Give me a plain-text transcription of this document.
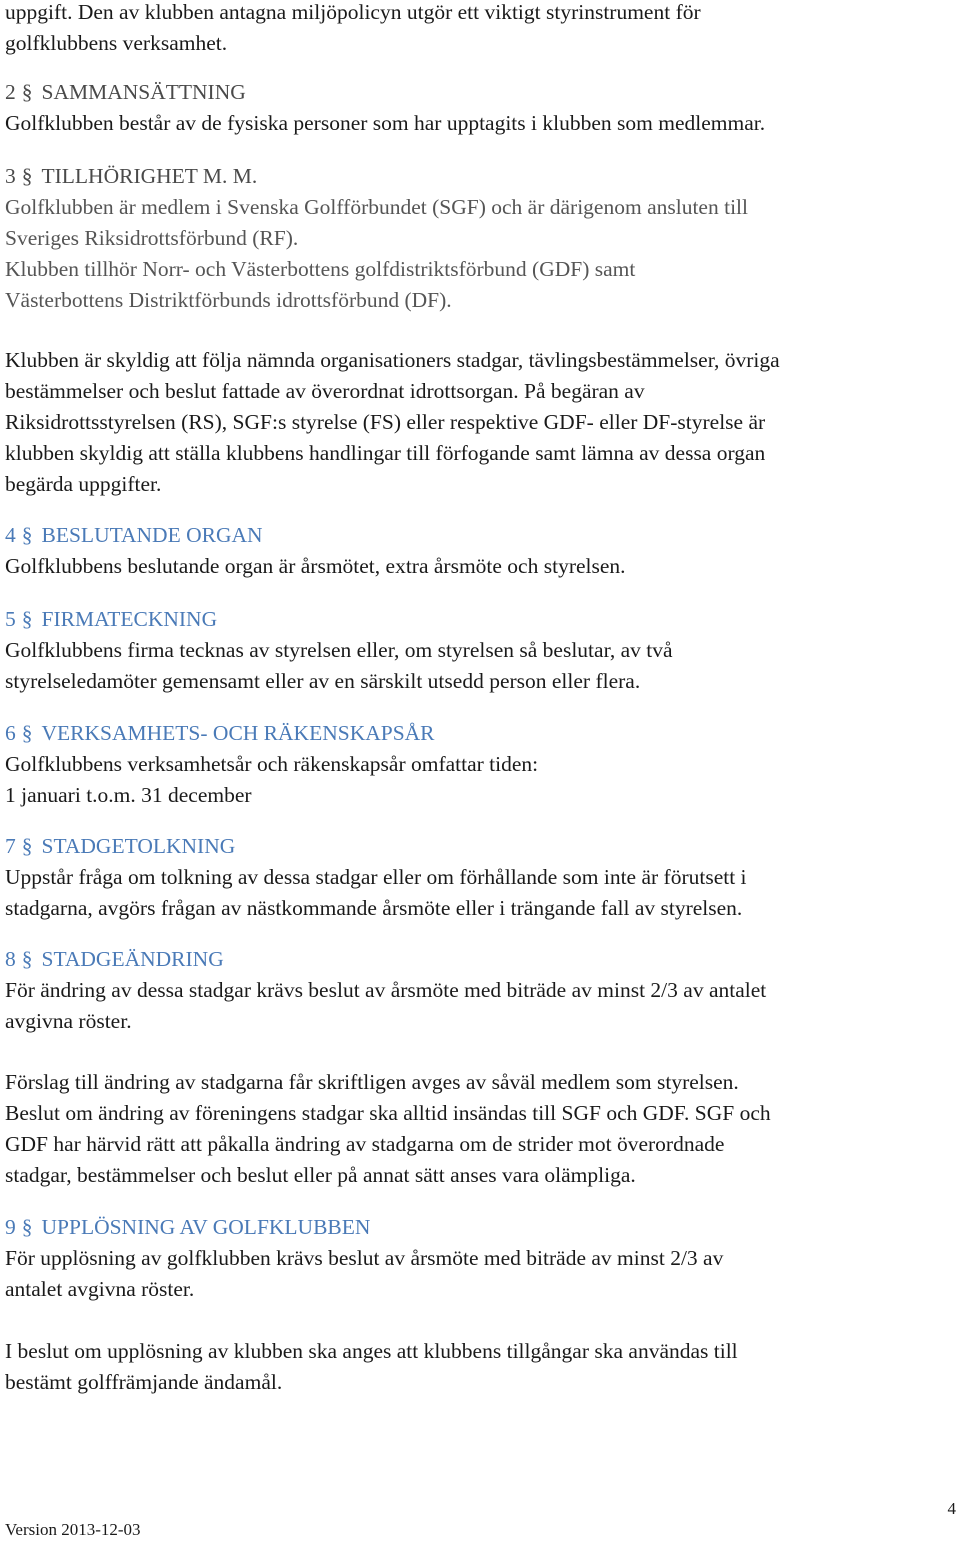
uppgift. Den av klubben antagna miljöpolicyn utgör ett viktigt styrinstrument för

golfklubbens verksamhet.

2 § SAMMANSÄTTNING

Golfklubben består av de fysiska personer som har upptagits i klubben som medlemmar.

3 § TILLHÖRIGHET M. M.

Golfklubben är medlem i Svenska Golfförbundet (SGF) och är därigenom ansluten till

Sveriges Riksidrottsförbund (RF).

Klubben tillhör Norr- och Västerbottens golfdistriktsförbund (GDF) samt

Västerbottens Distriktförbunds idrottsförbund (DF).

Klubben är skyldig att följa nämnda organisationers stadgar, tävlingsbestämmelser, övriga

bestämmelser och beslut fattade av överordnat idrottsorgan. På begäran av

Riksidrottsstyrelsen (RS), SGF:s styrelse (FS) eller respektive GDF- eller DF-styrelse är

klubben skyldig att ställa klubbens handlingar till förfogande samt lämna av dessa organ

begärda uppgifter.

4 § BESLUTANDE ORGAN

Golfklubbens beslutande organ är årsmötet, extra årsmöte och styrelsen.

5 § FIRMATECKNING

Golfklubbens firma tecknas av styrelsen eller, om styrelsen så beslutar, av två

styrelseledamöter gemensamt eller av en särskilt utsedd person eller flera.

6 § VERKSAMHETS- OCH RÄKENSKAPSÅR

Golfklubbens verksamhetsår och räkenskapsår omfattar tiden:

1 januari t.o.m. 31 december

7 § STADGETOLKNING

Uppstår fråga om tolkning av dessa stadgar eller om förhållande som inte är förutsett i

stadgarna, avgörs frågan av nästkommande årsmöte eller i trängande fall av styrelsen.

8 § STADGEÄNDRING

För ändring av dessa stadgar krävs beslut av årsmöte med biträde av minst 2/3 av antalet

avgivna röster.

Förslag till ändring av stadgarna får skriftligen avges av såväl medlem som styrelsen.

Beslut om ändring av föreningens stadgar ska alltid insändas till SGF och GDF. SGF och

GDF har härvid rätt att påkalla ändring av stadgarna om de strider mot överordnade

stadgar, bestämmelser och beslut eller på annat sätt anses vara olämpliga.

9 § UPPLÖSNING AV GOLFKLUBBEN

För upplösning av golfklubben krävs beslut av årsmöte med biträde av minst 2/3 av

antalet avgivna röster.

I beslut om upplösning av klubben ska anges att klubbens tillgångar ska användas till

bestämt golffrämjande ändamål.

Version 2013-12-03
4
